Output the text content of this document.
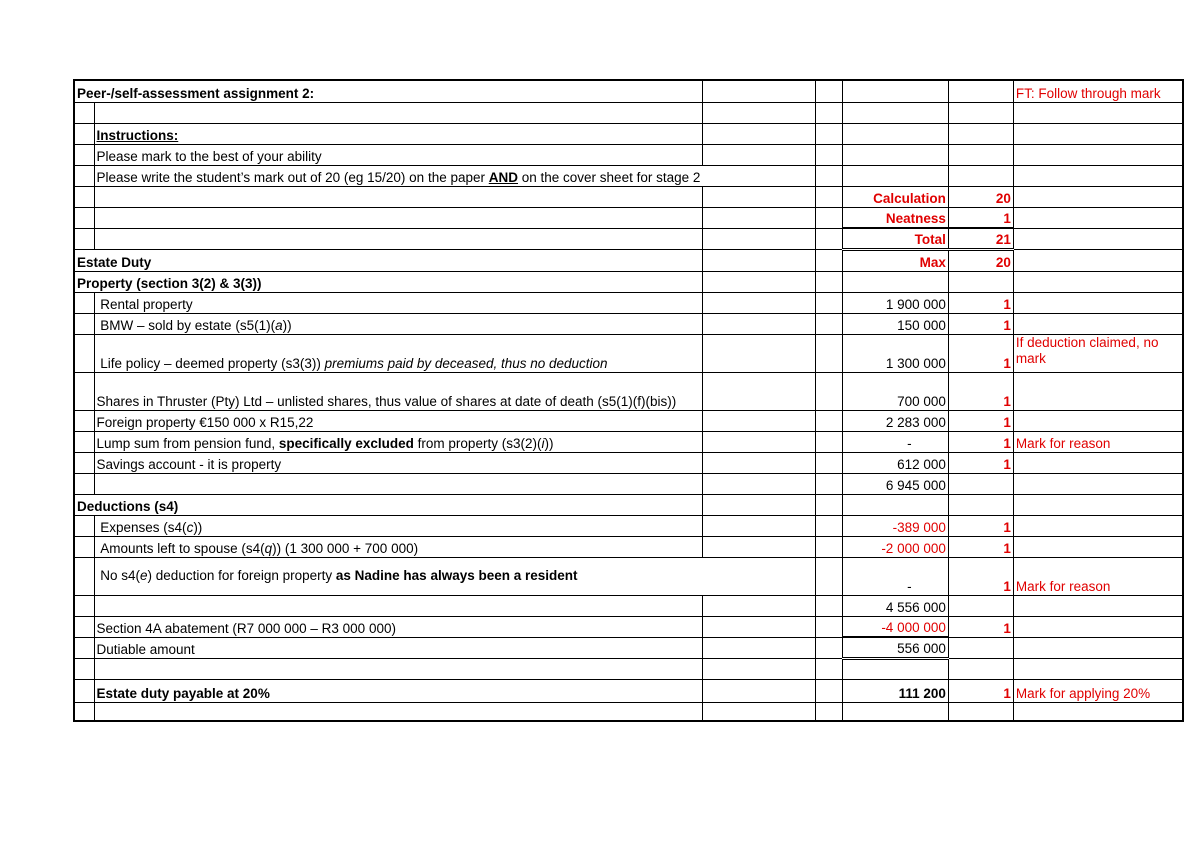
Peer-/self-assessment assignment 2:						FT: Follow through mark

	Instructions:					
	Please mark to the best of your ability					
	Please write the student’s mark out of 20 (eg 15/20) on the paper AND on the cover sheet for stage 2					
				Calculation	20	
				Neatness	1	
				Total	21	
Estate Duty				Max	20	
Property (section 3(2) & 3(3))						
	Rental property			1 900 000	1	
	BMW – sold by estate (s5(1)(a))			150 000	1	
	Life policy – deemed property (s3(3)) premiums paid by deceased, thus no deduction			1 300 000	1	If deduction claimed, no mark
	Shares in Thruster (Pty) Ltd – unlisted shares, thus value of shares at date of death (s5(1)(f)(bis))			700 000	1	
	Foreign property €150 000 x R15,22			2 283 000	1	
	Lump sum from pension fund, specifically excluded from property (s3(2)(i))			-	1	Mark for reason
	Savings account - it is property			612 000	1	
				6 945 000		
Deductions (s4)						
	Expenses (s4(c))			-389 000	1	
	Amounts left to spouse (s4(q)) (1 300 000 + 700 000)			-2 000 000	1	
	No s4(e) deduction for foreign property as Nadine has always been a resident			-	1	Mark for reason
				4 556 000		
	Section 4A abatement (R7 000 000 – R3 000 000)			-4 000 000	1	
	Dutiable amount			556 000		

	Estate duty payable at 20%			111 200	1	Mark for applying 20%
